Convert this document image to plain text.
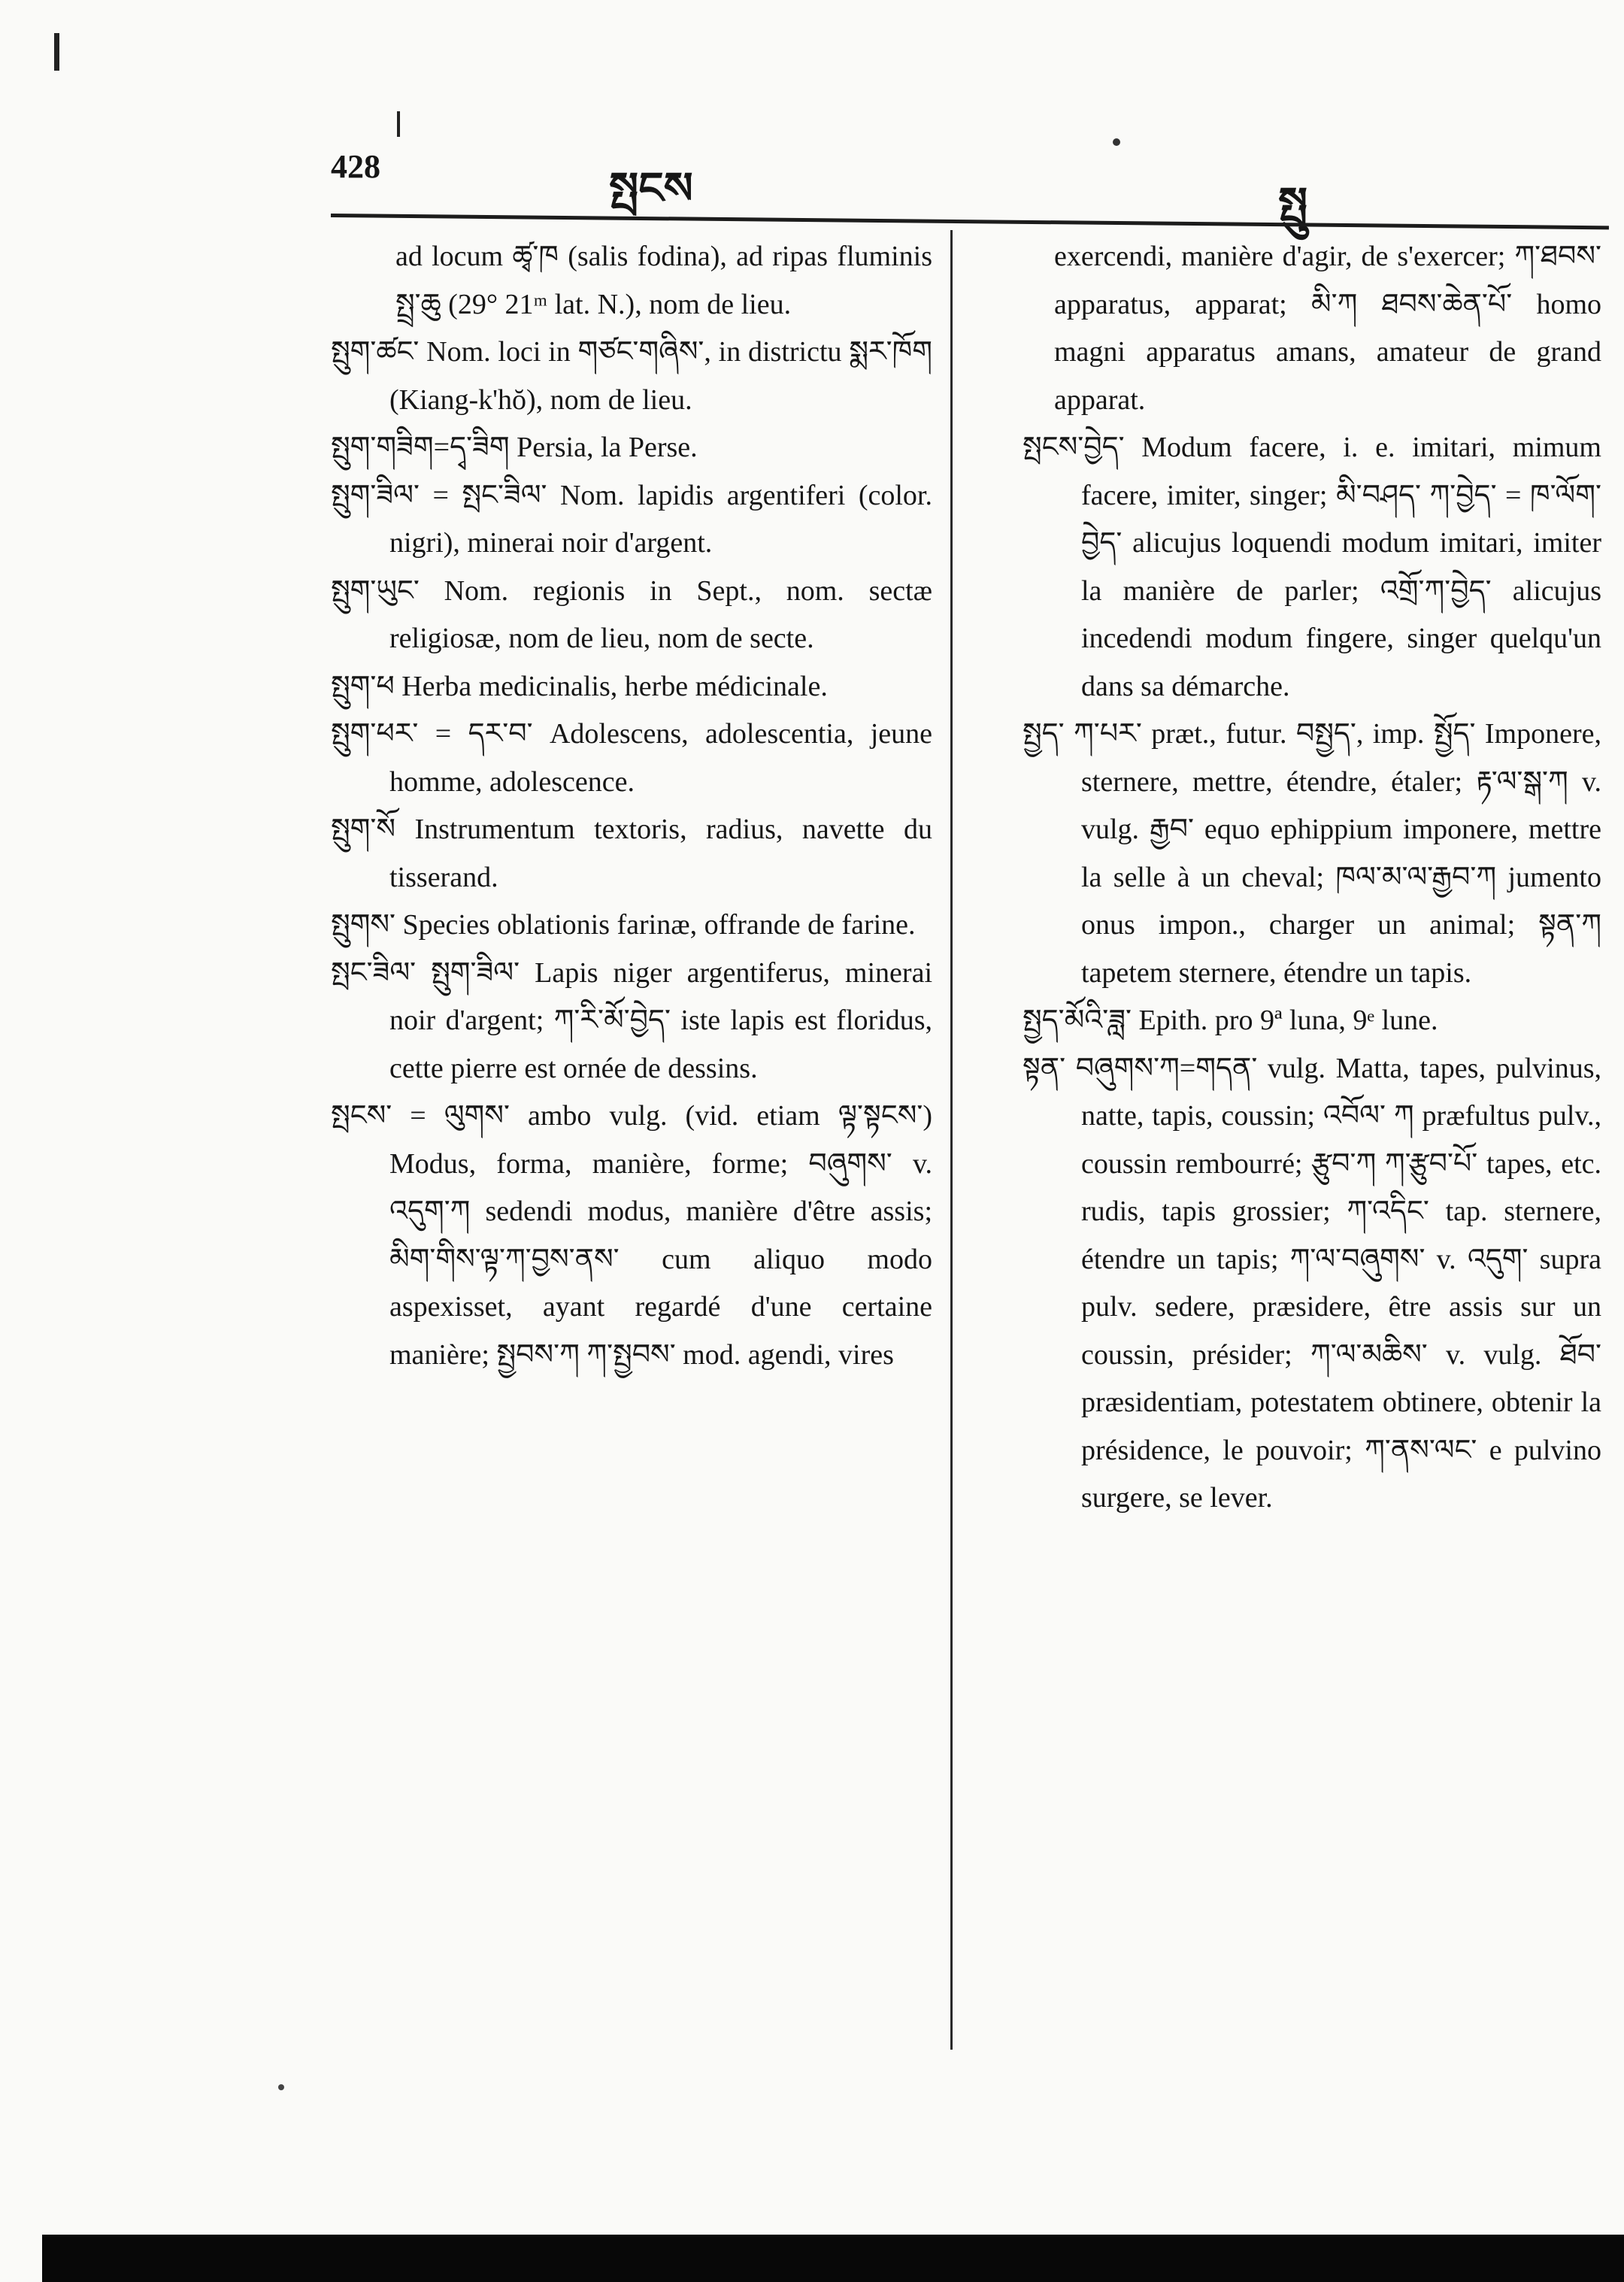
428	སྤངས	སྤུ

ad locum ཚྭ་ཁ (salis fodina), ad ripas fluminis སྤྲ་ཆུ (29° 21ᵐ lat. N.), nom de lieu.

སྤུག་ཚང་ Nom. loci in གཙང་གཞིས་, in districtu སྨར་ཁོག (Kiang-k'hŏ), nom de lieu.

སྤུག་གཟིག=དྭ་ཟིག Persia, la Perse.

སྤུག་ཟིལ་ = སྤང་ཟིལ་ Nom. lapidis argentiferi (color. nigri), minerai noir d'argent.

སྤུག་ཡུང་ Nom. regionis in Sept., nom. sectæ religiosæ, nom de lieu, nom de secte.

སྤུག་ཕ Herba medicinalis, herbe médicinale.

སྤུག་ཕར་ = དར་བ་ Adolescens, adolescentia, jeune homme, adolescence.

སྤུག་སོ Instrumentum textoris, radius, navette du tisserand.

སྤུགས་ Species oblationis farinæ, offrande de farine.

སྤང་ཟིལ་ སྤུག་ཟིལ་ Lapis niger argentiferus, minerai noir d'argent; ཀ་རི་མོ་བྱེད་ iste lapis est floridus, cette pierre est ornée de dessins.

སྤངས་ = ལུགས་ ambo vulg. (vid. etiam ལྟ་སྟངས་) Modus, forma, manière, forme; བཞུགས་ v. འདུག་ཀ sedendi modus, manière d'être assis; མིག་གིས་ལྟ་ཀ་བྱས་ནས་ cum aliquo modo aspexisset, ayant regardé d'une certaine manière; སྤྱབས་ཀ ཀ་སྤྱབས་ mod. agendi, vires

exercendi, manière d'agir, de s'exercer; ཀ་ཐབས་ apparatus, apparat; མི་ཀ ཐབས་ཆེན་པོ་ homo magni apparatus amans, amateur de grand apparat.

སྤངས་བྱེད་ Modum facere, i. e. imitari, mimum facere, imiter, singer; མི་བཤད་ ཀ་བྱེད་ = ཁ་ལོག་བྱེད་ alicujus loquendi modum imitari, imiter la manière de parler; འགྲོ་ཀ་བྱེད་ alicujus incedendi modum fingere, singer quelqu'un dans sa démarche.

སྤྱད་ ཀ་པར་ præt., futur. བསྤྱད་, imp. སྤྱོད་ Imponere, sternere, mettre, étendre, étaler; རྟ་ལ་སྒ་ཀ v. vulg. རྒྱབ་ equo ephippium imponere, mettre la selle à un cheval; ཁལ་མ་ལ་རྒྱབ་ཀ jumento onus impon., charger un animal; སྟན་ཀ tapetem sternere, étendre un tapis.

སྤྱད་མོའི་ཟླ་ Epith. pro 9ª luna, 9ᵉ lune.

སྟན་ བཞུགས་ཀ=གདན་ vulg. Matta, tapes, pulvinus, natte, tapis, coussin; འབོལ་ ཀ præfultus pulv., coussin rembourré; རྩུབ་ཀ ཀ་རྩུབ་པོ་ tapes, etc. rudis, tapis grossier; ཀ་འདིང་ tap. sternere, étendre un tapis; ཀ་ལ་བཞུགས་ v. འདུག་ supra pulv. sedere, præsidere, être assis sur un coussin, présider; ཀ་ལ་མཆིས་ v. vulg. ཐོབ་ præsidentiam, potestatem obtinere, obtenir la présidence, le pouvoir; ཀ་ནས་ལང་ e pulvino surgere, se lever.
